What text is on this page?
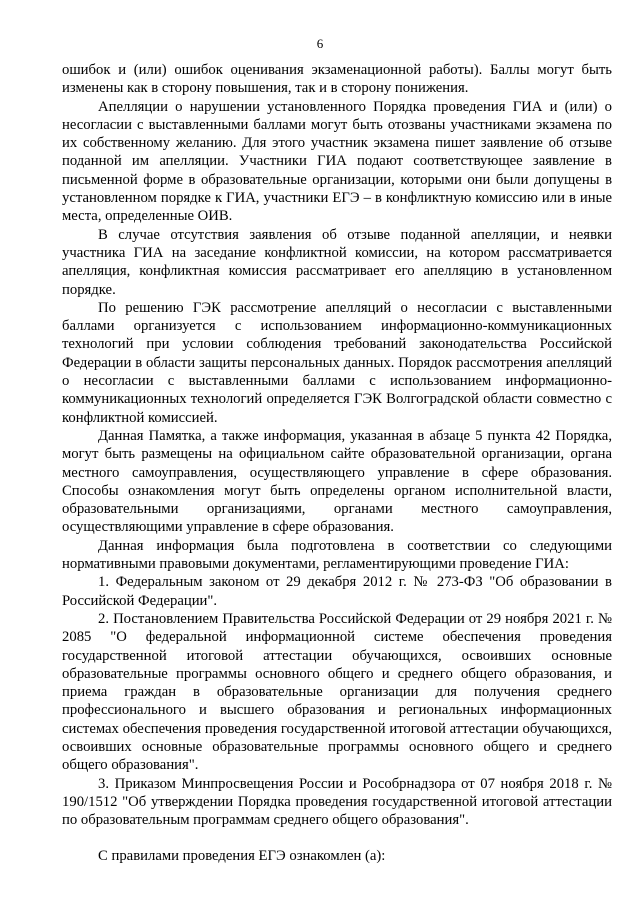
6

ошибок и (или) ошибок оценивания экзаменационной работы). Баллы могут быть изменены как в сторону повышения, так и в сторону понижения.

Апелляции о нарушении установленного Порядка проведения ГИА и (или) о несогласии с выставленными баллами могут быть отозваны участниками экзамена по их собственному желанию. Для этого участник экзамена пишет заявление об отзыве поданной им апелляции. Участники ГИА подают соответствующее заявление в письменной форме в образовательные организации, которыми они были допущены в установленном порядке к ГИА, участники ЕГЭ – в конфликтную комиссию или в иные места, определенные ОИВ.

В случае отсутствия заявления об отзыве поданной апелляции, и неявки участника ГИА на заседание конфликтной комиссии, на котором рассматривается апелляция, конфликтная комиссия рассматривает его апелляцию в установленном порядке.

По решению ГЭК рассмотрение апелляций о несогласии с выставленными баллами организуется с использованием информационно-коммуникационных технологий при условии соблюдения требований законодательства Российской Федерации в области защиты персональных данных. Порядок рассмотрения апелляций о несогласии с выставленными баллами с использованием информационно-коммуникационных технологий определяется ГЭК Волгоградской области совместно с конфликтной комиссией.

Данная Памятка, а также информация, указанная в абзаце 5 пункта 42 Порядка, могут быть размещены на официальном сайте образовательной организации, органа местного самоуправления, осуществляющего управление в сфере образования. Способы ознакомления могут быть определены органом исполнительной власти, образовательными организациями, органами местного самоуправления, осуществляющими управление в сфере образования.

Данная информация была подготовлена в соответствии со следующими нормативными правовыми документами, регламентирующими проведение ГИА:

1. Федеральным законом от 29 декабря 2012 г. № 273-ФЗ "Об образовании в Российской Федерации".

2. Постановлением Правительства Российской Федерации от 29 ноября 2021 г. № 2085 "О федеральной информационной системе обеспечения проведения государственной итоговой аттестации обучающихся, освоивших основные образовательные программы основного общего и среднего общего образования, и приема граждан в образовательные организации для получения среднего профессионального и высшего образования и региональных информационных системах обеспечения проведения государственной итоговой аттестации обучающихся, освоивших основные образовательные программы основного общего и среднего общего образования".

3. Приказом Минпросвещения России и Рособрнадзора от 07 ноября 2018 г. № 190/1512 "Об утверждении Порядка проведения государственной итоговой аттестации по образовательным программам среднего общего образования".

С правилами проведения ЕГЭ ознакомлен (а):
